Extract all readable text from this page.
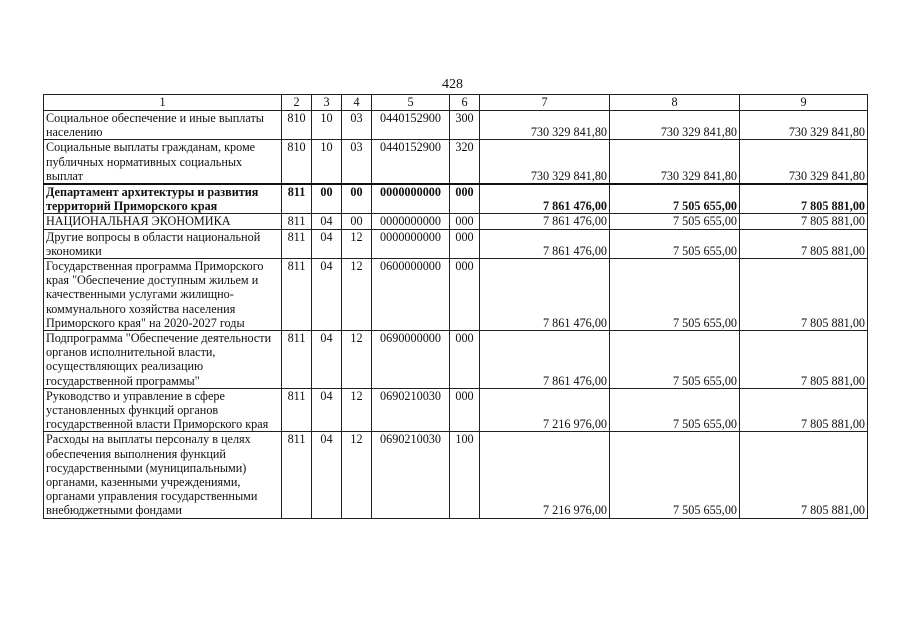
428
1	2	3	4	5	6	7	8	9
Социальное обеспечение и иные выплаты населению	810	10	03	0440152900	300	730 329 841,80	730 329 841,80	730 329 841,80
Социальные выплаты гражданам, кроме публичных нормативных социальных выплат	810	10	03	0440152900	320	730 329 841,80	730 329 841,80	730 329 841,80
Департамент архитектуры и развития территорий Приморского края	811	00	00	0000000000	000	7 861 476,00	7 505 655,00	7 805 881,00
НАЦИОНАЛЬНАЯ ЭКОНОМИКА	811	04	00	0000000000	000	7 861 476,00	7 505 655,00	7 805 881,00
Другие вопросы в области национальной экономики	811	04	12	0000000000	000	7 861 476,00	7 505 655,00	7 805 881,00
Государственная программа Приморского края "Обеспечение доступным жильем и качественными услугами жилищно-коммунального хозяйства населения Приморского края" на 2020-2027 годы	811	04	12	0600000000	000	7 861 476,00	7 505 655,00	7 805 881,00
Подпрограмма "Обеспечение деятельности органов исполнительной власти, осуществляющих реализацию государственной программы"	811	04	12	0690000000	000	7 861 476,00	7 505 655,00	7 805 881,00
Руководство и управление в сфере установленных функций органов государственной власти Приморского края	811	04	12	0690210030	000	7 216 976,00	7 505 655,00	7 805 881,00
Расходы на выплаты персоналу в целях обеспечения выполнения функций государственными (муниципальными) органами, казенными учреждениями, органами управления государственными внебюджетными фондами	811	04	12	0690210030	100	7 216 976,00	7 505 655,00	7 805 881,00
